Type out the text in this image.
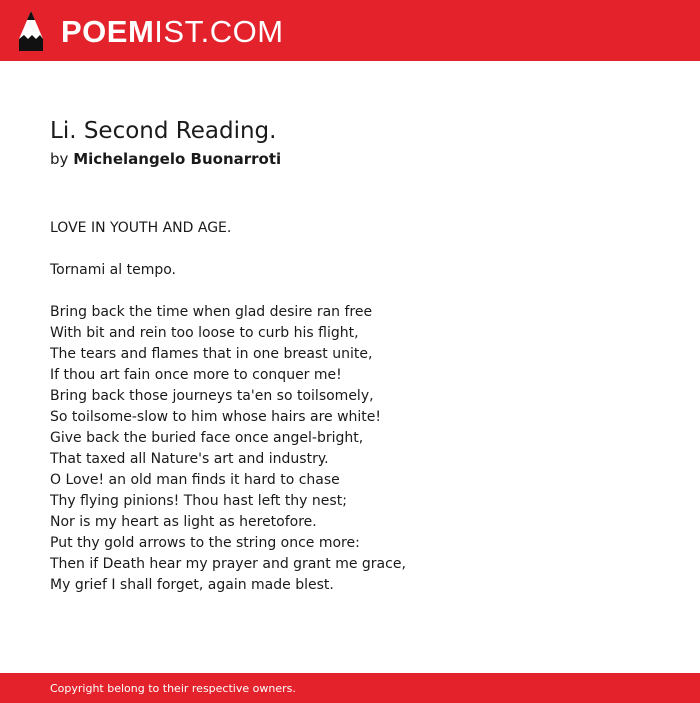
POEMIST.COM
Li. Second Reading.
by Michelangelo Buonarroti
LOVE IN YOUTH AND AGE.
Tornami al tempo.
Bring back the time when glad desire ran free
With bit and rein too loose to curb his flight,
The tears and flames that in one breast unite,
If thou art fain once more to conquer me!
Bring back those journeys ta'en so toilsomely,
So toilsome-slow to him whose hairs are white!
Give back the buried face once angel-bright,
That taxed all Nature's art and industry.
O Love! an old man finds it hard to chase
Thy flying pinions! Thou hast left thy nest;
Nor is my heart as light as heretofore.
Put thy gold arrows to the string once more:
Then if Death hear my prayer and grant me grace,
My grief I shall forget, again made blest.
Copyright belong to their respective owners.
